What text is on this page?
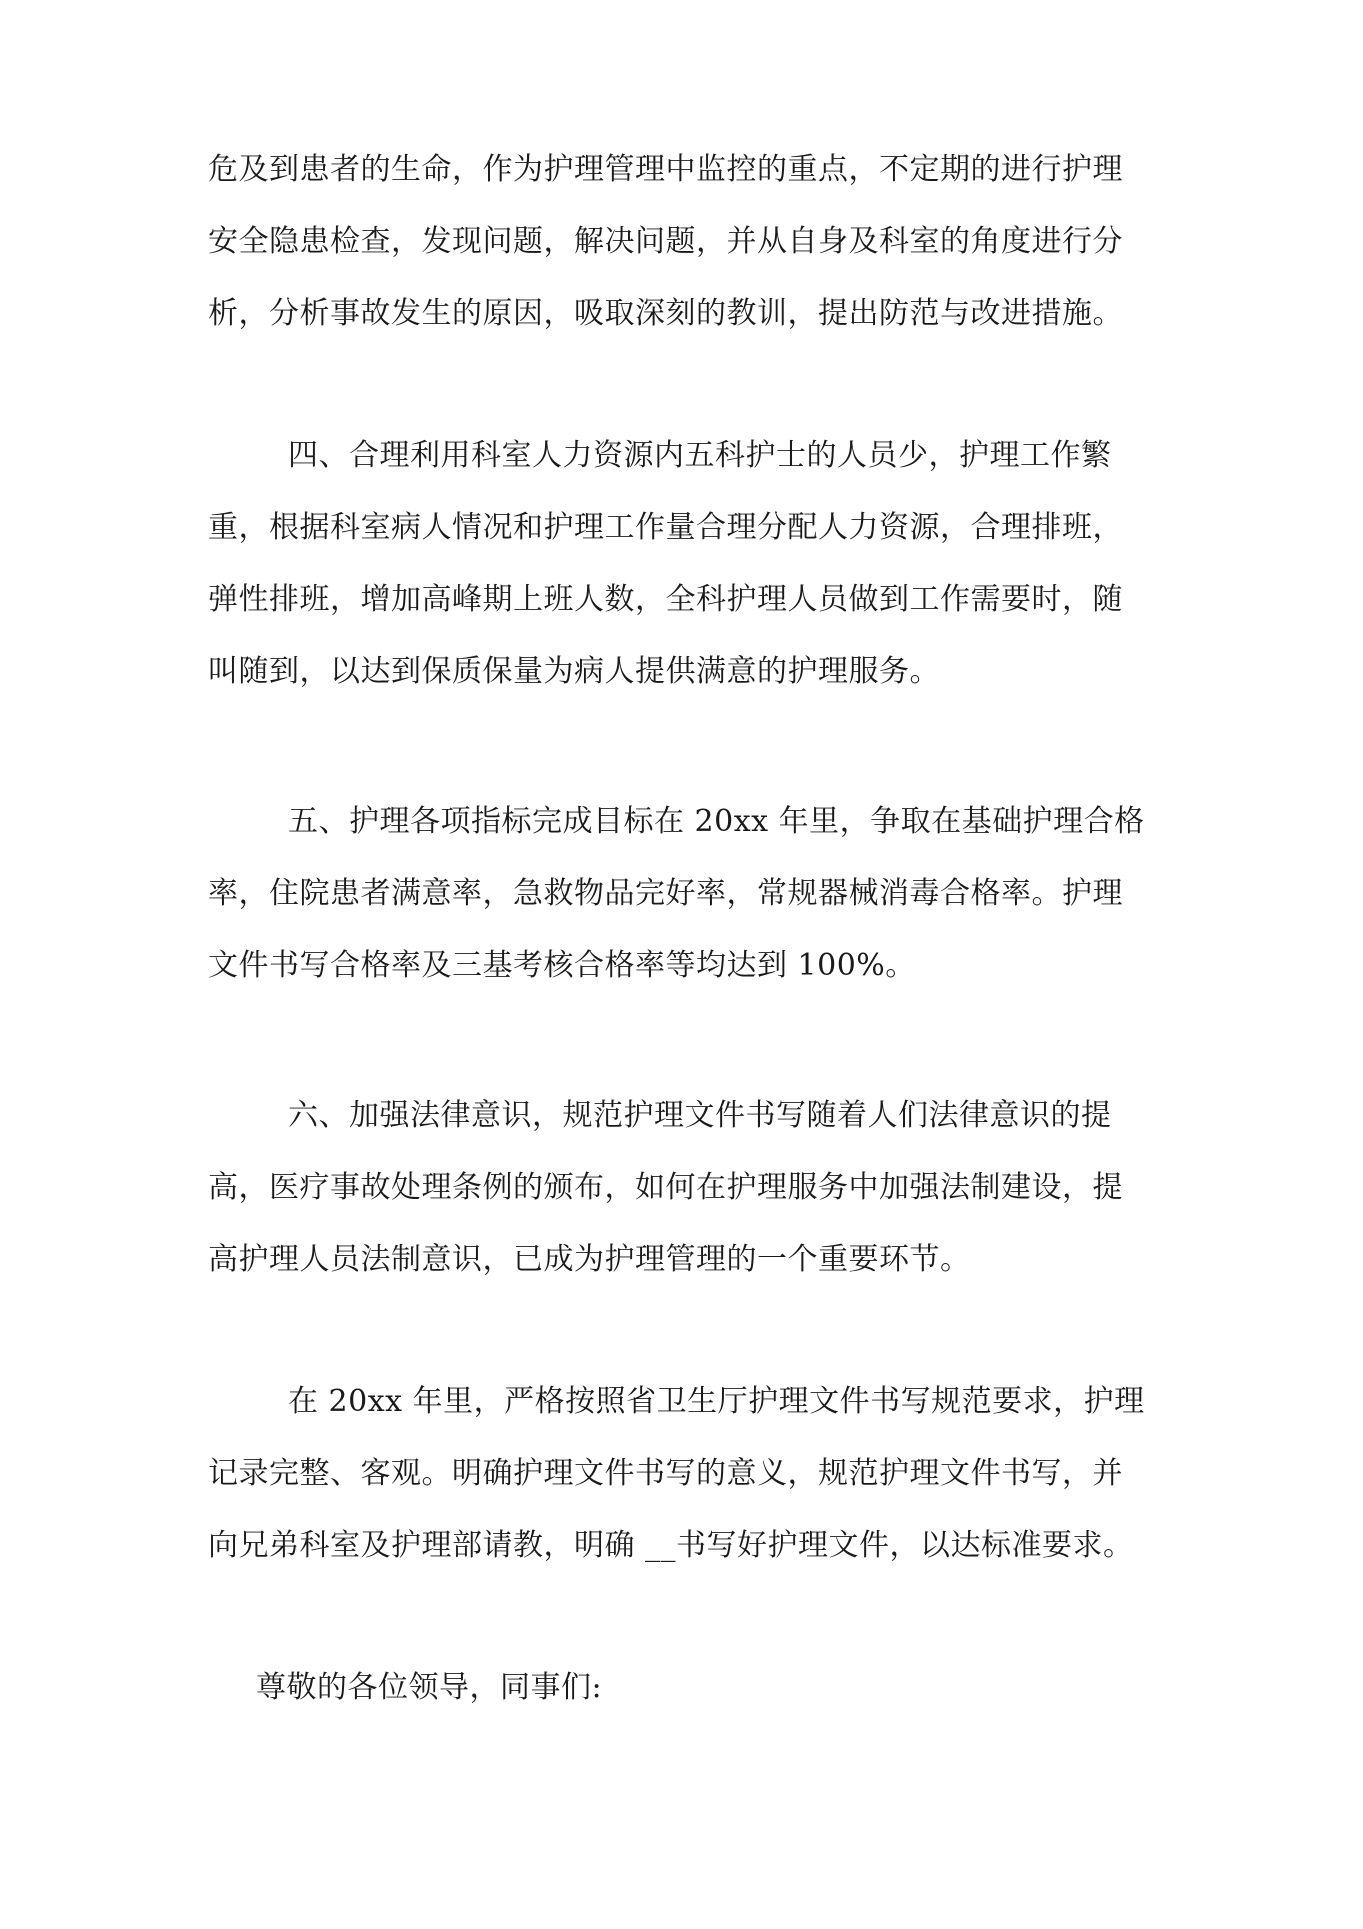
危及到患者的生命，作为护理管理中监控的重点，不定期的进行护理
安全隐患检查，发现问题，解决问题，并从自身及科室的角度进行分
析，分析事故发生的原因，吸取深刻的教训，提出防范与改进措施。

四、合理利用科室人力资源内五科护士的人员少，护理工作繁
重，根据科室病人情况和护理工作量合理分配人力资源，合理排班，
弹性排班，增加高峰期上班人数，全科护理人员做到工作需要时，随
叫随到，以达到保质保量为病人提供满意的护理服务。

五、护理各项指标完成目标在 20xx 年里，争取在基础护理合格
率，住院患者满意率，急救物品完好率，常规器械消毒合格率。护理
文件书写合格率及三基考核合格率等均达到 100%。

六、加强法律意识，规范护理文件书写随着人们法律意识的提
高，医疗事故处理条例的颁布，如何在护理服务中加强法制建设，提
高护理人员法制意识，已成为护理管理的一个重要环节。

在 20xx 年里，严格按照省卫生厅护理文件书写规范要求，护理
记录完整、客观。明确护理文件书写的意义，规范护理文件书写，并
向兄弟科室及护理部请教，明确 __书写好护理文件，以达标准要求。

尊敬的各位领导，同事们:
